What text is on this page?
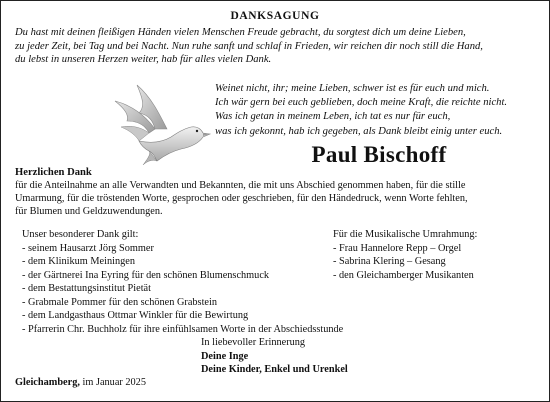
DANKSAGUNG
Du hast mit deinen fleißigen Händen vielen Menschen Freude gebracht, du sorgtest dich um deine Lieben,
zu jeder Zeit, bei Tag und bei Nacht. Nun ruhe sanft und schlaf in Frieden, wir reichen dir noch still die Hand,
du lebst in unseren Herzen weiter, hab für alles vielen Dank.
Weinet nicht, ihr; meine Lieben, schwer ist es für euch und mich.
Ich wär gern bei euch geblieben, doch meine Kraft, die reichte nicht.
Was ich getan in meinem Leben, ich tat es nur für euch,
was ich gekonnt, hab ich gegeben, als Dank bleibt einig unter euch.
Paul Bischoff
Herzlichen Dank
für die Anteilnahme an alle Verwandten und Bekannten, die mit uns Abschied genommen haben, für die stille
Umarmung, für die tröstenden Worte, gesprochen oder geschrieben, für den Händedruck, wenn Worte fehlten,
für Blumen und Geldzuwendungen.
Unser besonderer Dank gilt:
- seinem Hausarzt Jörg Sommer
- dem Klinikum Meiningen
- der Gärtnerei Ina Eyring für den schönen Blumenschmuck
- dem Bestattungsinstitut Pietät
- Grabmale Pommer für den schönen Grabstein
- dem Landgasthaus Ottmar Winkler für die Bewirtung
- Pfarrerin Chr. Buchholz für ihre einfühlsamen Worte in der Abschiedsstunde
Für die Musikalische Umrahmung:
- Frau Hannelore Repp – Orgel
- Sabrina Klering – Gesang
- den Gleichamberger Musikanten
In liebevoller Erinnerung
Deine Inge
Deine Kinder, Enkel und Urenkel
Gleichamberg, im Januar 2025
